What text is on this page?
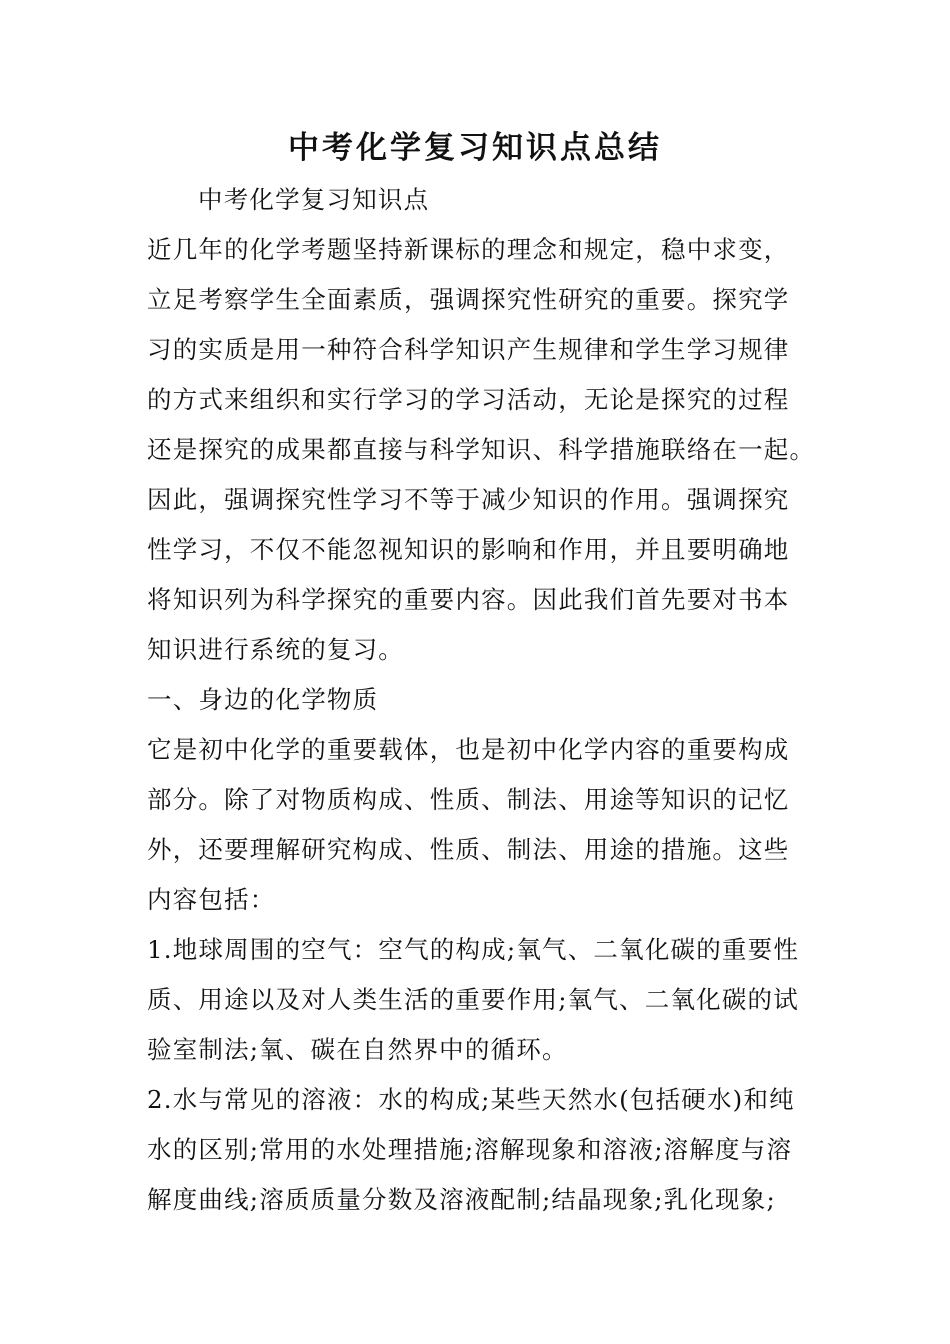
中考化学复习知识点总结
中考化学复习知识点
近几年的化学考题坚持新课标的理念和规定，稳中求变，
立足考察学生全面素质，强调探究性研究的重要。探究学
习的实质是用一种符合科学知识产生规律和学生学习规律
的方式来组织和实行学习的学习活动，无论是探究的过程
还是探究的成果都直接与科学知识、科学措施联络在一起。
因此，强调探究性学习不等于减少知识的作用。强调探究
性学习，不仅不能忽视知识的影响和作用，并且要明确地
将知识列为科学探究的重要内容。因此我们首先要对书本
知识进行系统的复习。
一、身边的化学物质
它是初中化学的重要载体，也是初中化学内容的重要构成
部分。除了对物质构成、性质、制法、用途等知识的记忆
外，还要理解研究构成、性质、制法、用途的措施。这些
内容包括：
1.地球周围的空气：空气的构成;氧气、二氧化碳的重要性
质、用途以及对人类生活的重要作用;氧气、二氧化碳的试
验室制法;氧、碳在自然界中的循环。
2.水与常见的溶液：水的构成;某些天然水(包括硬水)和纯
水的区别;常用的水处理措施;溶解现象和溶液;溶解度与溶
解度曲线;溶质质量分数及溶液配制;结晶现象;乳化现象;
